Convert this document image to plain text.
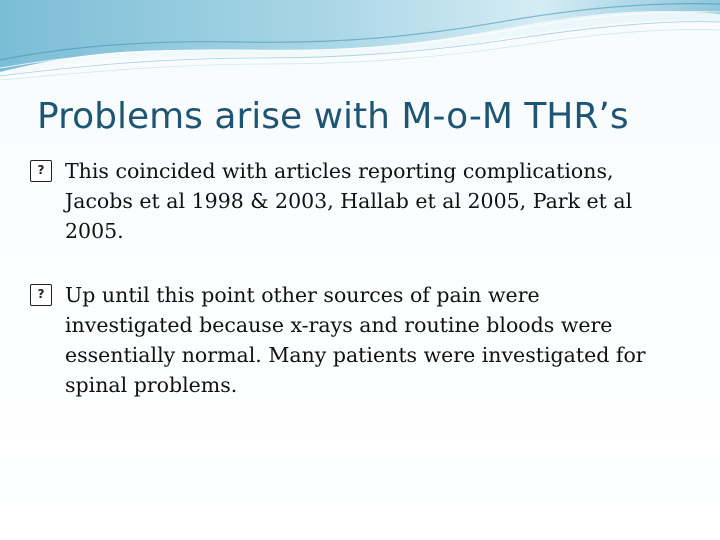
Problems arise with M-o-M THR’s

?	This coincided with articles reporting complications, Jacobs et al 1998 & 2003, Hallab et al 2005, Park et al 2005.

?	Up until this point other sources of pain were investigated because x-rays and routine bloods were essentially normal. Many patients were investigated for spinal problems.
